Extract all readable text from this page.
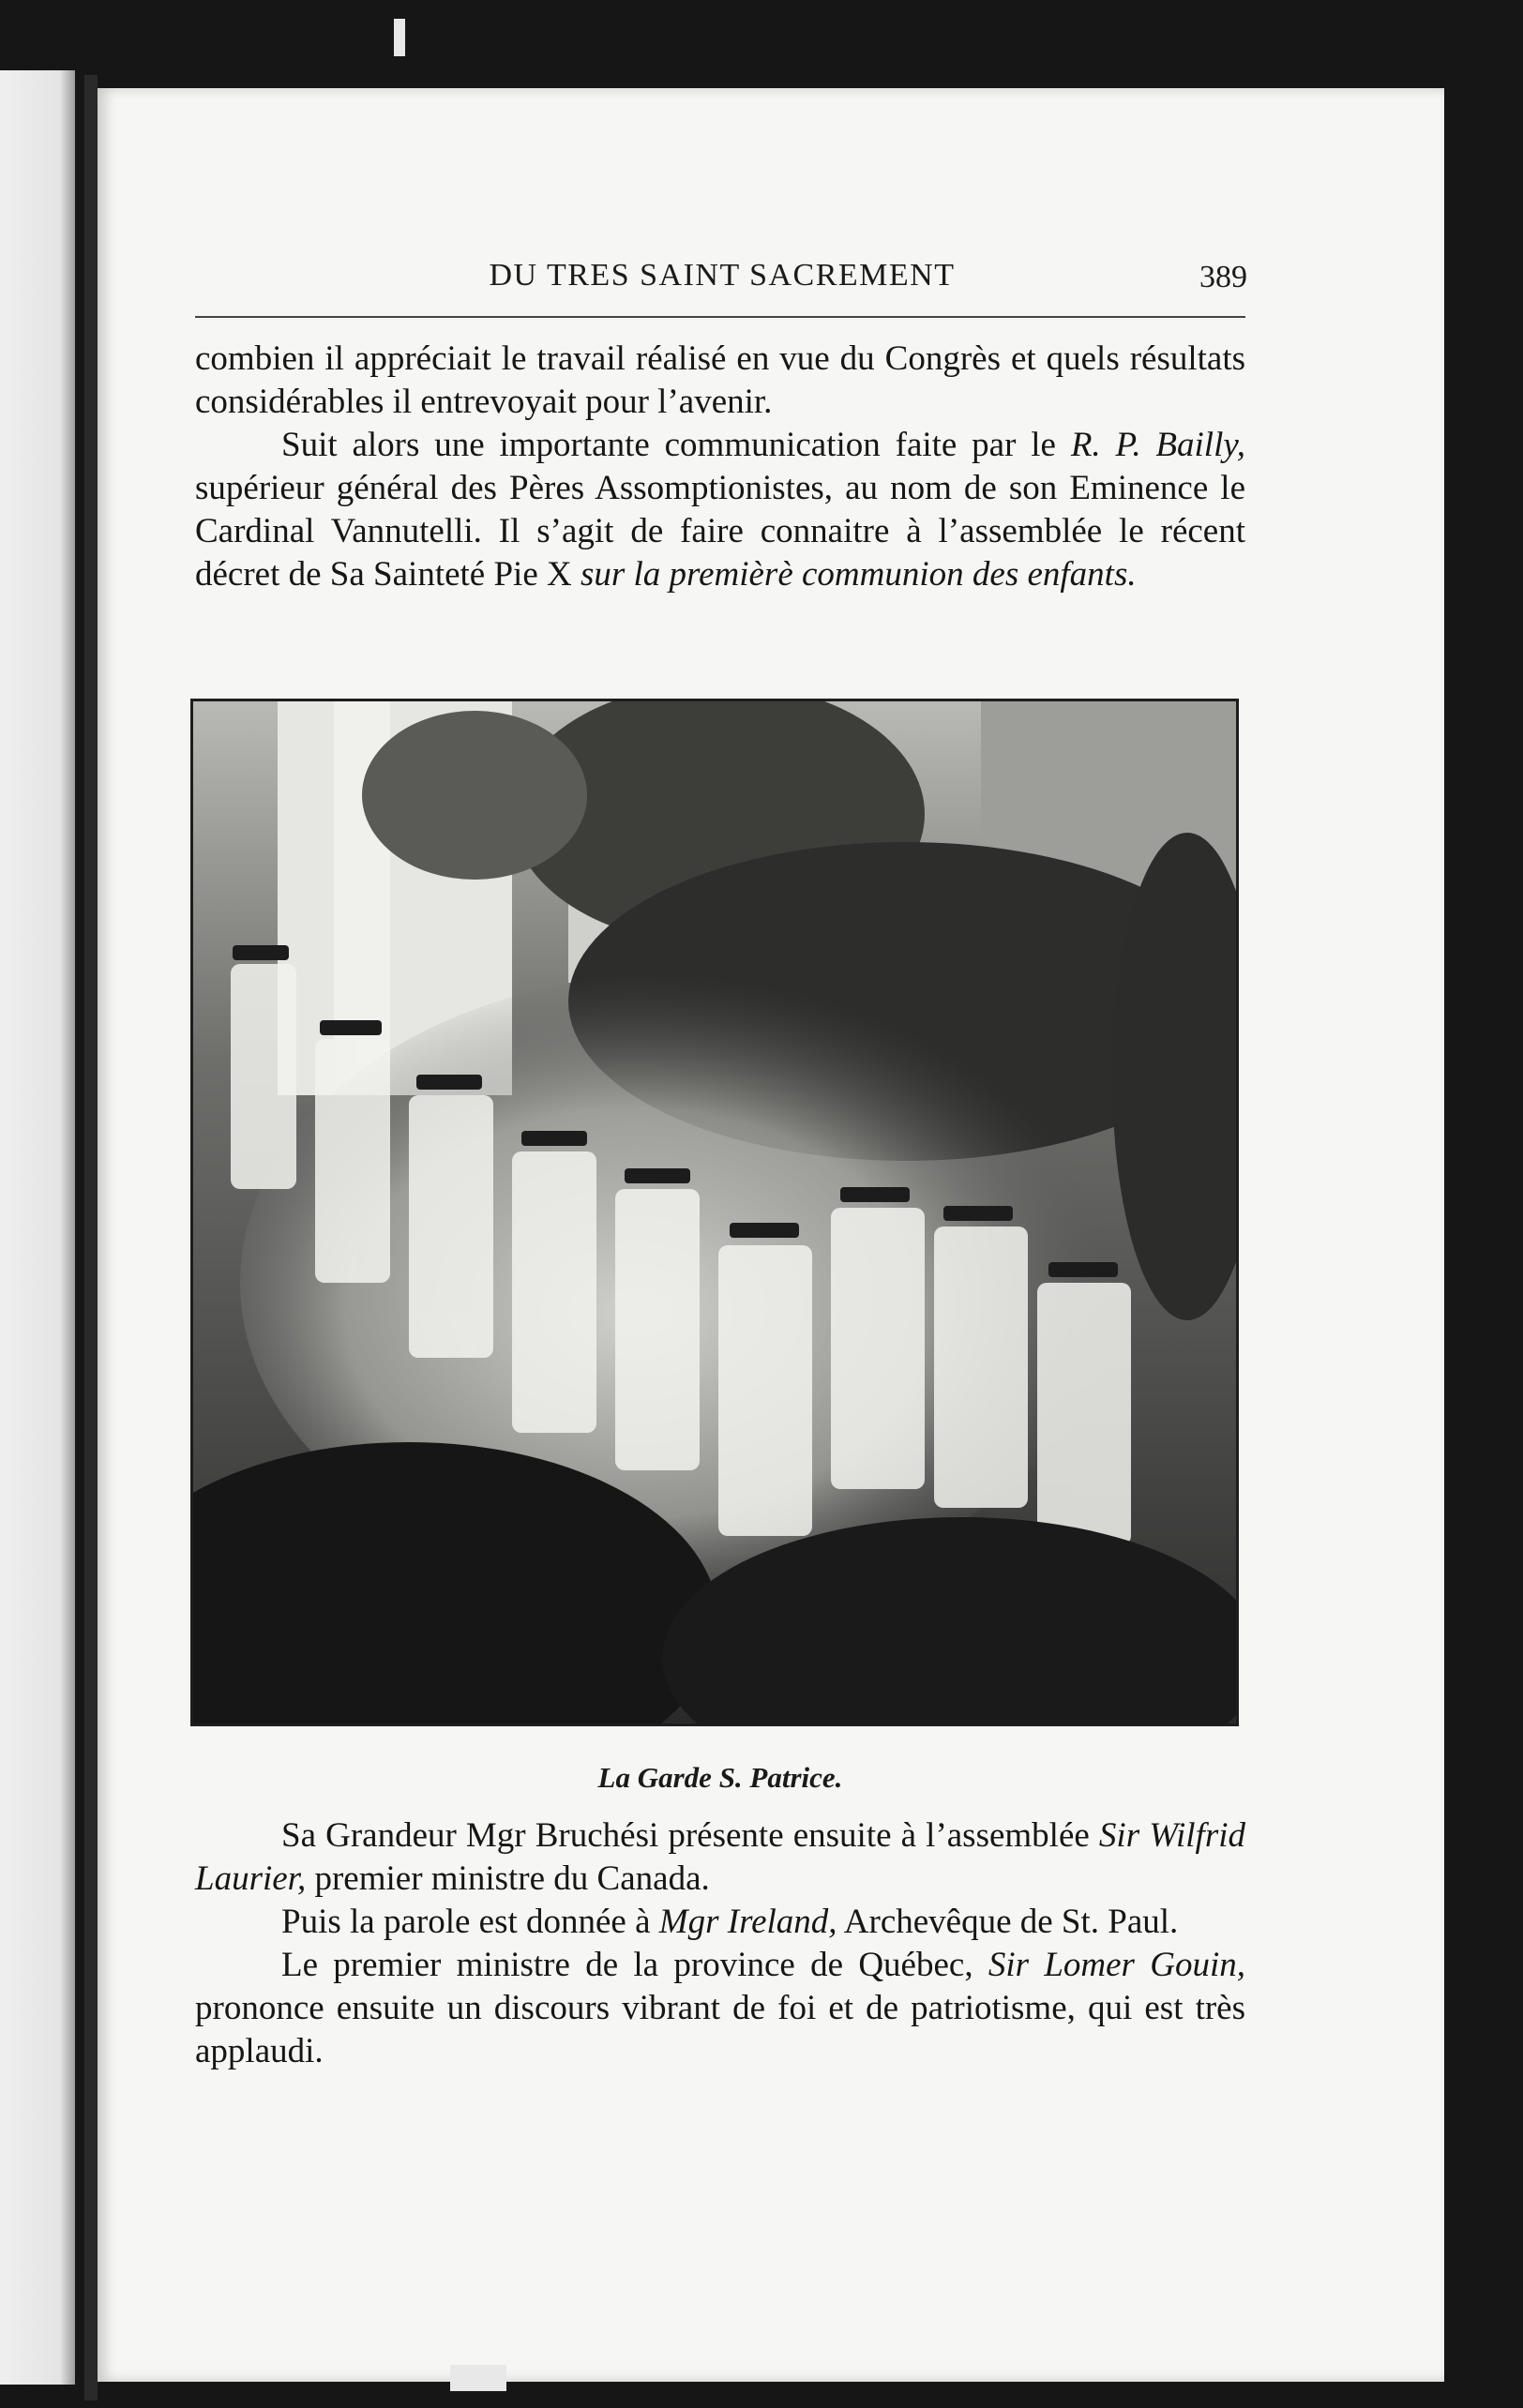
DU TRES SAINT SACREMENT	389

combien il appréciait le travail réalisé en vue du Congrès et quels résultats considérables il entrevoyait pour l’avenir.

Suit alors une importante communication faite par le R. P. Bailly, supérieur général des Pères Assomptionistes, au nom de son Eminence le Cardinal Vannutelli. Il s’agit de faire connaitre à l’assemblée le récent décret de Sa Sainteté Pie X sur la premièrè communion des enfants.

La Garde S. Patrice.

Sa Grandeur Mgr Bruchési présente ensuite à l’assemblée Sir Wilfrid Laurier, premier ministre du Canada.

Puis la parole est donnée à Mgr Ireland, Archevêque de St. Paul.

Le premier ministre de la province de Québec, Sir Lomer Gouin, prononce ensuite un discours vibrant de foi et de patriotisme, qui est très applaudi.
